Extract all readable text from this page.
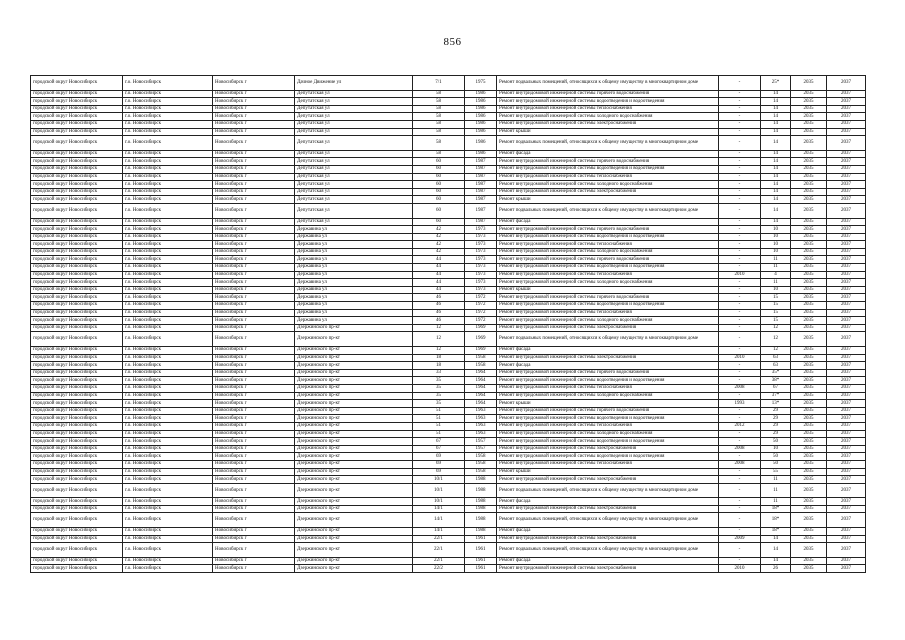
856
городской округ Новосибирск	г.о. Новосибирск	Новосибирск г	Дачное Движение ул	7/1	1975	Ремонт подвальных помещений, относящихся к общему имуществу в многоквартирном доме	-	25*	2035	2037
городской округ Новосибирск	г.о. Новосибирск	Новосибирск г	Депутатская ул	58	1986	Ремонт внутридомовой инженерной системы горячего водоснабжения	-	14	2035	2037
городской округ Новосибирск	г.о. Новосибирск	Новосибирск г	Депутатская ул	58	1986	Ремонт внутридомовой инженерной системы водоотведения и водоотведения	-	14	2035	2037
городской округ Новосибирск	г.о. Новосибирск	Новосибирск г	Депутатская ул	58	1986	Ремонт внутридомовой инженерной системы теплоснабжения	-	14	2035	2037
городской округ Новосибирск	г.о. Новосибирск	Новосибирск г	Депутатская ул	58	1986	Ремонт внутридомовой инженерной системы холодного водоснабжения	-	14	2035	2037
городской округ Новосибирск	г.о. Новосибирск	Новосибирск г	Депутатская ул	58	1986	Ремонт внутридомовой инженерной системы электроснабжения	-	14	2035	2037
городской округ Новосибирск	г.о. Новосибирск	Новосибирск г	Депутатская ул	58	1986	Ремонт крыши	-	14	2035	2037
городской округ Новосибирск	г.о. Новосибирск	Новосибирск г	Депутатская ул	58	1986	Ремонт подвальных помещений, относящихся к общему имуществу в многоквартирном доме	-	14	2035	2037
городской округ Новосибирск	г.о. Новосибирск	Новосибирск г	Депутатская ул	58	1986	Ремонт фасада	-	14	2035	2037
городской округ Новосибирск	г.о. Новосибирск	Новосибирск г	Депутатская ул	60	1987	Ремонт внутридомовой инженерной системы горячего водоснабжения	-	14	2035	2037
городской округ Новосибирск	г.о. Новосибирск	Новосибирск г	Депутатская ул	60	1987	Ремонт внутридомовой инженерной системы водоотведения и водоотведения	-	14	2035	2037
городской округ Новосибирск	г.о. Новосибирск	Новосибирск г	Депутатская ул	60	1987	Ремонт внутридомовой инженерной системы теплоснабжения	-	14	2035	2037
городской округ Новосибирск	г.о. Новосибирск	Новосибирск г	Депутатская ул	60	1987	Ремонт внутридомовой инженерной системы холодного водоснабжения	-	14	2035	2037
городской округ Новосибирск	г.о. Новосибирск	Новосибирск г	Депутатская ул	60	1987	Ремонт внутридомовой инженерной системы электроснабжения	-	14	2035	2037
городской округ Новосибирск	г.о. Новосибирск	Новосибирск г	Депутатская ул	60	1987	Ремонт крыши	-	14	2035	2037
городской округ Новосибирск	г.о. Новосибирск	Новосибирск г	Депутатская ул	60	1987	Ремонт подвальных помещений, относящихся к общему имуществу в многоквартирном доме	-	14	2035	2037
городской округ Новосибирск	г.о. Новосибирск	Новосибирск г	Депутатская ул	60	1987	Ремонт фасада	-	14	2035	2037
городской округ Новосибирск	г.о. Новосибирск	Новосибирск г	Державина ул	42	1973	Ремонт внутридомовой инженерной системы горячего водоснабжения	-	10	2035	2037
городской округ Новосибирск	г.о. Новосибирск	Новосибирск г	Державина ул	42	1973	Ремонт внутридомовой инженерной системы водоотведения и водоотведения	-	10	2035	2037
городской округ Новосибирск	г.о. Новосибирск	Новосибирск г	Державина ул	42	1973	Ремонт внутридомовой инженерной системы теплоснабжения	-	10	2035	2037
городской округ Новосибирск	г.о. Новосибирск	Новосибирск г	Державина ул	42	1973	Ремонт внутридомовой инженерной системы холодного водоснабжения	-	10	2035	2037
городской округ Новосибирск	г.о. Новосибирск	Новосибирск г	Державина ул	44	1973	Ремонт внутридомовой инженерной системы горячего водоснабжения	-	11	2035	2037
городской округ Новосибирск	г.о. Новосибирск	Новосибирск г	Державина ул	44	1973	Ремонт внутридомовой инженерной системы водоотведения и водоотведения	-	11	2035	2037
городской округ Новосибирск	г.о. Новосибирск	Новосибирск г	Державина ул	44	1973	Ремонт внутридомовой инженерной системы теплоснабжения	2010	4	2035	2037
городской округ Новосибирск	г.о. Новосибирск	Новосибирск г	Державина ул	44	1973	Ремонт внутридомовой инженерной системы холодного водоснабжения	-	11	2035	2037
городской округ Новосибирск	г.о. Новосибирск	Новосибирск г	Державина ул	44	1973	Ремонт крыши	-	10	2035	2037
городской округ Новосибирск	г.о. Новосибирск	Новосибирск г	Державина ул	46	1972	Ремонт внутридомовой инженерной системы горячего водоснабжения	-	15	2035	2037
городской округ Новосибирск	г.о. Новосибирск	Новосибирск г	Державина ул	46	1972	Ремонт внутридомовой инженерной системы водоотведения и водоотведения	-	15	2035	2037
городской округ Новосибирск	г.о. Новосибирск	Новосибирск г	Державина ул	46	1972	Ремонт внутридомовой инженерной системы теплоснабжения	-	15	2035	2037
городской округ Новосибирск	г.о. Новосибирск	Новосибирск г	Державина ул	46	1972	Ремонт внутридомовой инженерной системы холодного водоснабжения	-	15	2035	2037
городской округ Новосибирск	г.о. Новосибирск	Новосибирск г	Дзержинского пр-кт	12	1969	Ремонт внутридомовой инженерной системы электроснабжения	-	12	2035	2037
городской округ Новосибирск	г.о. Новосибирск	Новосибирск г	Дзержинского пр-кт	12	1969	Ремонт подвальных помещений, относящихся к общему имуществу в многоквартирном доме	-	12	2035	2037
городской округ Новосибирск	г.о. Новосибирск	Новосибирск г	Дзержинского пр-кт	12	1969	Ремонт фасада	-	12	2035	2037
городской округ Новосибирск	г.о. Новосибирск	Новосибирск г	Дзержинского пр-кт	18	1958	Ремонт внутридомовой инженерной системы электроснабжения	2010	63	2035	2037
городской округ Новосибирск	г.о. Новосибирск	Новосибирск г	Дзержинского пр-кт	18	1958	Ремонт фасада	-	63	2035	2037
городской округ Новосибирск	г.о. Новосибирск	Новосибирск г	Дзержинского пр-кт	33	1964	Ремонт внутридомовой инженерной системы горячего водоснабжения	-	35*	2035	2037
городской округ Новосибирск	г.о. Новосибирск	Новосибирск г	Дзержинского пр-кт	35	1964	Ремонт внутридомовой инженерной системы водоотведения и водоотведения	-	38*	2035	2037
городской округ Новосибирск	г.о. Новосибирск	Новосибирск г	Дзержинского пр-кт	35	1964	Ремонт внутридомовой инженерной системы теплоснабжения	2008	67	2035	2037
городской округ Новосибирск	г.о. Новосибирск	Новосибирск г	Дзержинского пр-кт	35	1964	Ремонт внутридомовой инженерной системы холодного водоснабжения	-	37*	2035	2037
городской округ Новосибирск	г.о. Новосибирск	Новосибирск г	Дзержинского пр-кт	35	1964	Ремонт крыши	1993	13*	2035	2037
городской округ Новосибирск	г.о. Новосибирск	Новосибирск г	Дзержинского пр-кт	51	1963	Ремонт внутридомовой инженерной системы горячего водоснабжения	-	29	2035	2037
городской округ Новосибирск	г.о. Новосибирск	Новосибирск г	Дзержинского пр-кт	51	1963	Ремонт внутридомовой инженерной системы водоотведения и водоотведения	-	29	2035	2037
городской округ Новосибирск	г.о. Новосибирск	Новосибирск г	Дзержинского пр-кт	51	1963	Ремонт внутридомовой инженерной системы теплоснабжения	2012	29	2035	2037
городской округ Новосибирск	г.о. Новосибирск	Новосибирск г	Дзержинского пр-кт	51	1963	Ремонт внутридомовой инженерной системы холодного водоснабжения	-	29	2035	2037
городской округ Новосибирск	г.о. Новосибирск	Новосибирск г	Дзержинского пр-кт	67	1957	Ремонт внутридомовой инженерной системы водоотведения и водоотведения	-	50	2035	2037
городской округ Новосибирск	г.о. Новосибирск	Новосибирск г	Дзержинского пр-кт	67	1957	Ремонт внутридомовой инженерной системы электроснабжения	2008	10	2035	2037
городской округ Новосибирск	г.о. Новосибирск	Новосибирск г	Дзержинского пр-кт	69	1958	Ремонт внутридомовой инженерной системы водоотведения и водоотведения	-	50	2035	2037
городской округ Новосибирск	г.о. Новосибирск	Новосибирск г	Дзержинского пр-кт	69	1958	Ремонт внутридомовой инженерной системы теплоснабжения	2008	50	2035	2037
городской округ Новосибирск	г.о. Новосибирск	Новосибирск г	Дзержинского пр-кт	69	1958	Ремонт крыши	-	55	2035	2037
городской округ Новосибирск	г.о. Новосибирск	Новосибирск г	Дзержинского пр-кт	10/1	1988	Ремонт внутридомовой инженерной системы электроснабжения	-	11	2035	2037
городской округ Новосибирск	г.о. Новосибирск	Новосибирск г	Дзержинского пр-кт	10/1	1988	Ремонт подвальных помещений, относящихся к общему имуществу в многоквартирном доме	-	11	2035	2037
городской округ Новосибирск	г.о. Новосибирск	Новосибирск г	Дзержинского пр-кт	10/1	1988	Ремонт фасада	-	11	2035	2037
городской округ Новосибирск	г.о. Новосибирск	Новосибирск г	Дзержинского пр-кт	14/1	1988	Ремонт внутридомовой инженерной системы электроснабжения	-	18*	2035	2037
городской округ Новосибирск	г.о. Новосибирск	Новосибирск г	Дзержинского пр-кт	14/1	1988	Ремонт подвальных помещений, относящихся к общему имуществу в многоквартирном доме	-	18*	2035	2037
городской округ Новосибирск	г.о. Новосибирск	Новосибирск г	Дзержинского пр-кт	14/1	1988	Ремонт фасада	-	18*	2035	2037
городской округ Новосибирск	г.о. Новосибирск	Новосибирск г	Дзержинского пр-кт	22/1	1961	Ремонт внутридомовой инженерной системы электроснабжения	2009	14	2035	2037
городской округ Новосибирск	г.о. Новосибирск	Новосибирск г	Дзержинского пр-кт	22/1	1961	Ремонт подвальных помещений, относящихся к общему имуществу в многоквартирном доме	-	14	2035	2037
городской округ Новосибирск	г.о. Новосибирск	Новосибирск г	Дзержинского пр-кт	22/1	1961	Ремонт фасада	-	14	2035	2037
городской округ Новосибирск	г.о. Новосибирск	Новосибирск г	Дзержинского пр-кт	22/2	1961	Ремонт внутридомовой инженерной системы электроснабжения	2010	26	2035	2037
